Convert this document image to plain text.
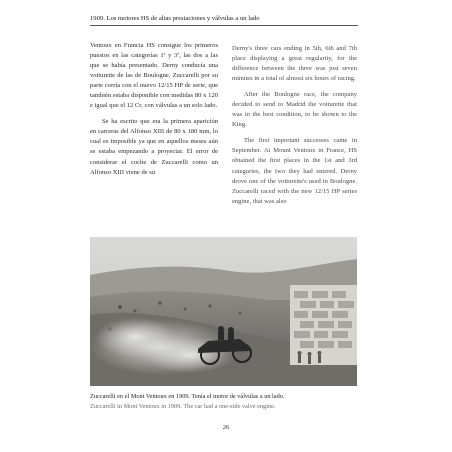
1909. Los motores HS de altas prestaciones y válvulas a un lado

Ventoux en Francia HS consigue los primeros puestos en las categorías 1ª y 3ª, las dos a las que se había presentado. Derny conducía una voiturette de las de Boulogne. Zuccarelli por su parte corría con el nuevo 12/15 HP de serie, que también estaba disponible con medidas 80 x 120 e igual que el 12 Cr, con válvulas a un solo lado.

Se ha escrito que era la primera aparición en carreras del Alfonso XIII de 80 x 180 mm, lo cual es imposible ya que en aquellos meses aún se estaba empezando a proyectar. El error de considerar el coche de Zuccarelli como un Alfonso XIII viene de su

Derny's three cars ending in 5th, 6th and 7th place displaying a great regularity, for the difference between the three was just seven minutes in a total of almost six hours of racing.

After the Boulogne race, the company decided to send to Madrid the voiturette that was in the best condition, to be shown to the King.

The first important successes came in September. At Mount Ventoux in France, HS obtained the first places in the 1st and 3rd categories, the two they had entered. Derny drove one of the voiturette's used in Boulogne. Zuccarelli raced with the new 12/15 HP series engine, that was also

Zuccarelli en el Mont Ventoux en 1909. Tenía el motor de válvulas a un lado.
Zuccarelli in Mont Ventoux in 1909. The car had a one-side valve engine.
26
